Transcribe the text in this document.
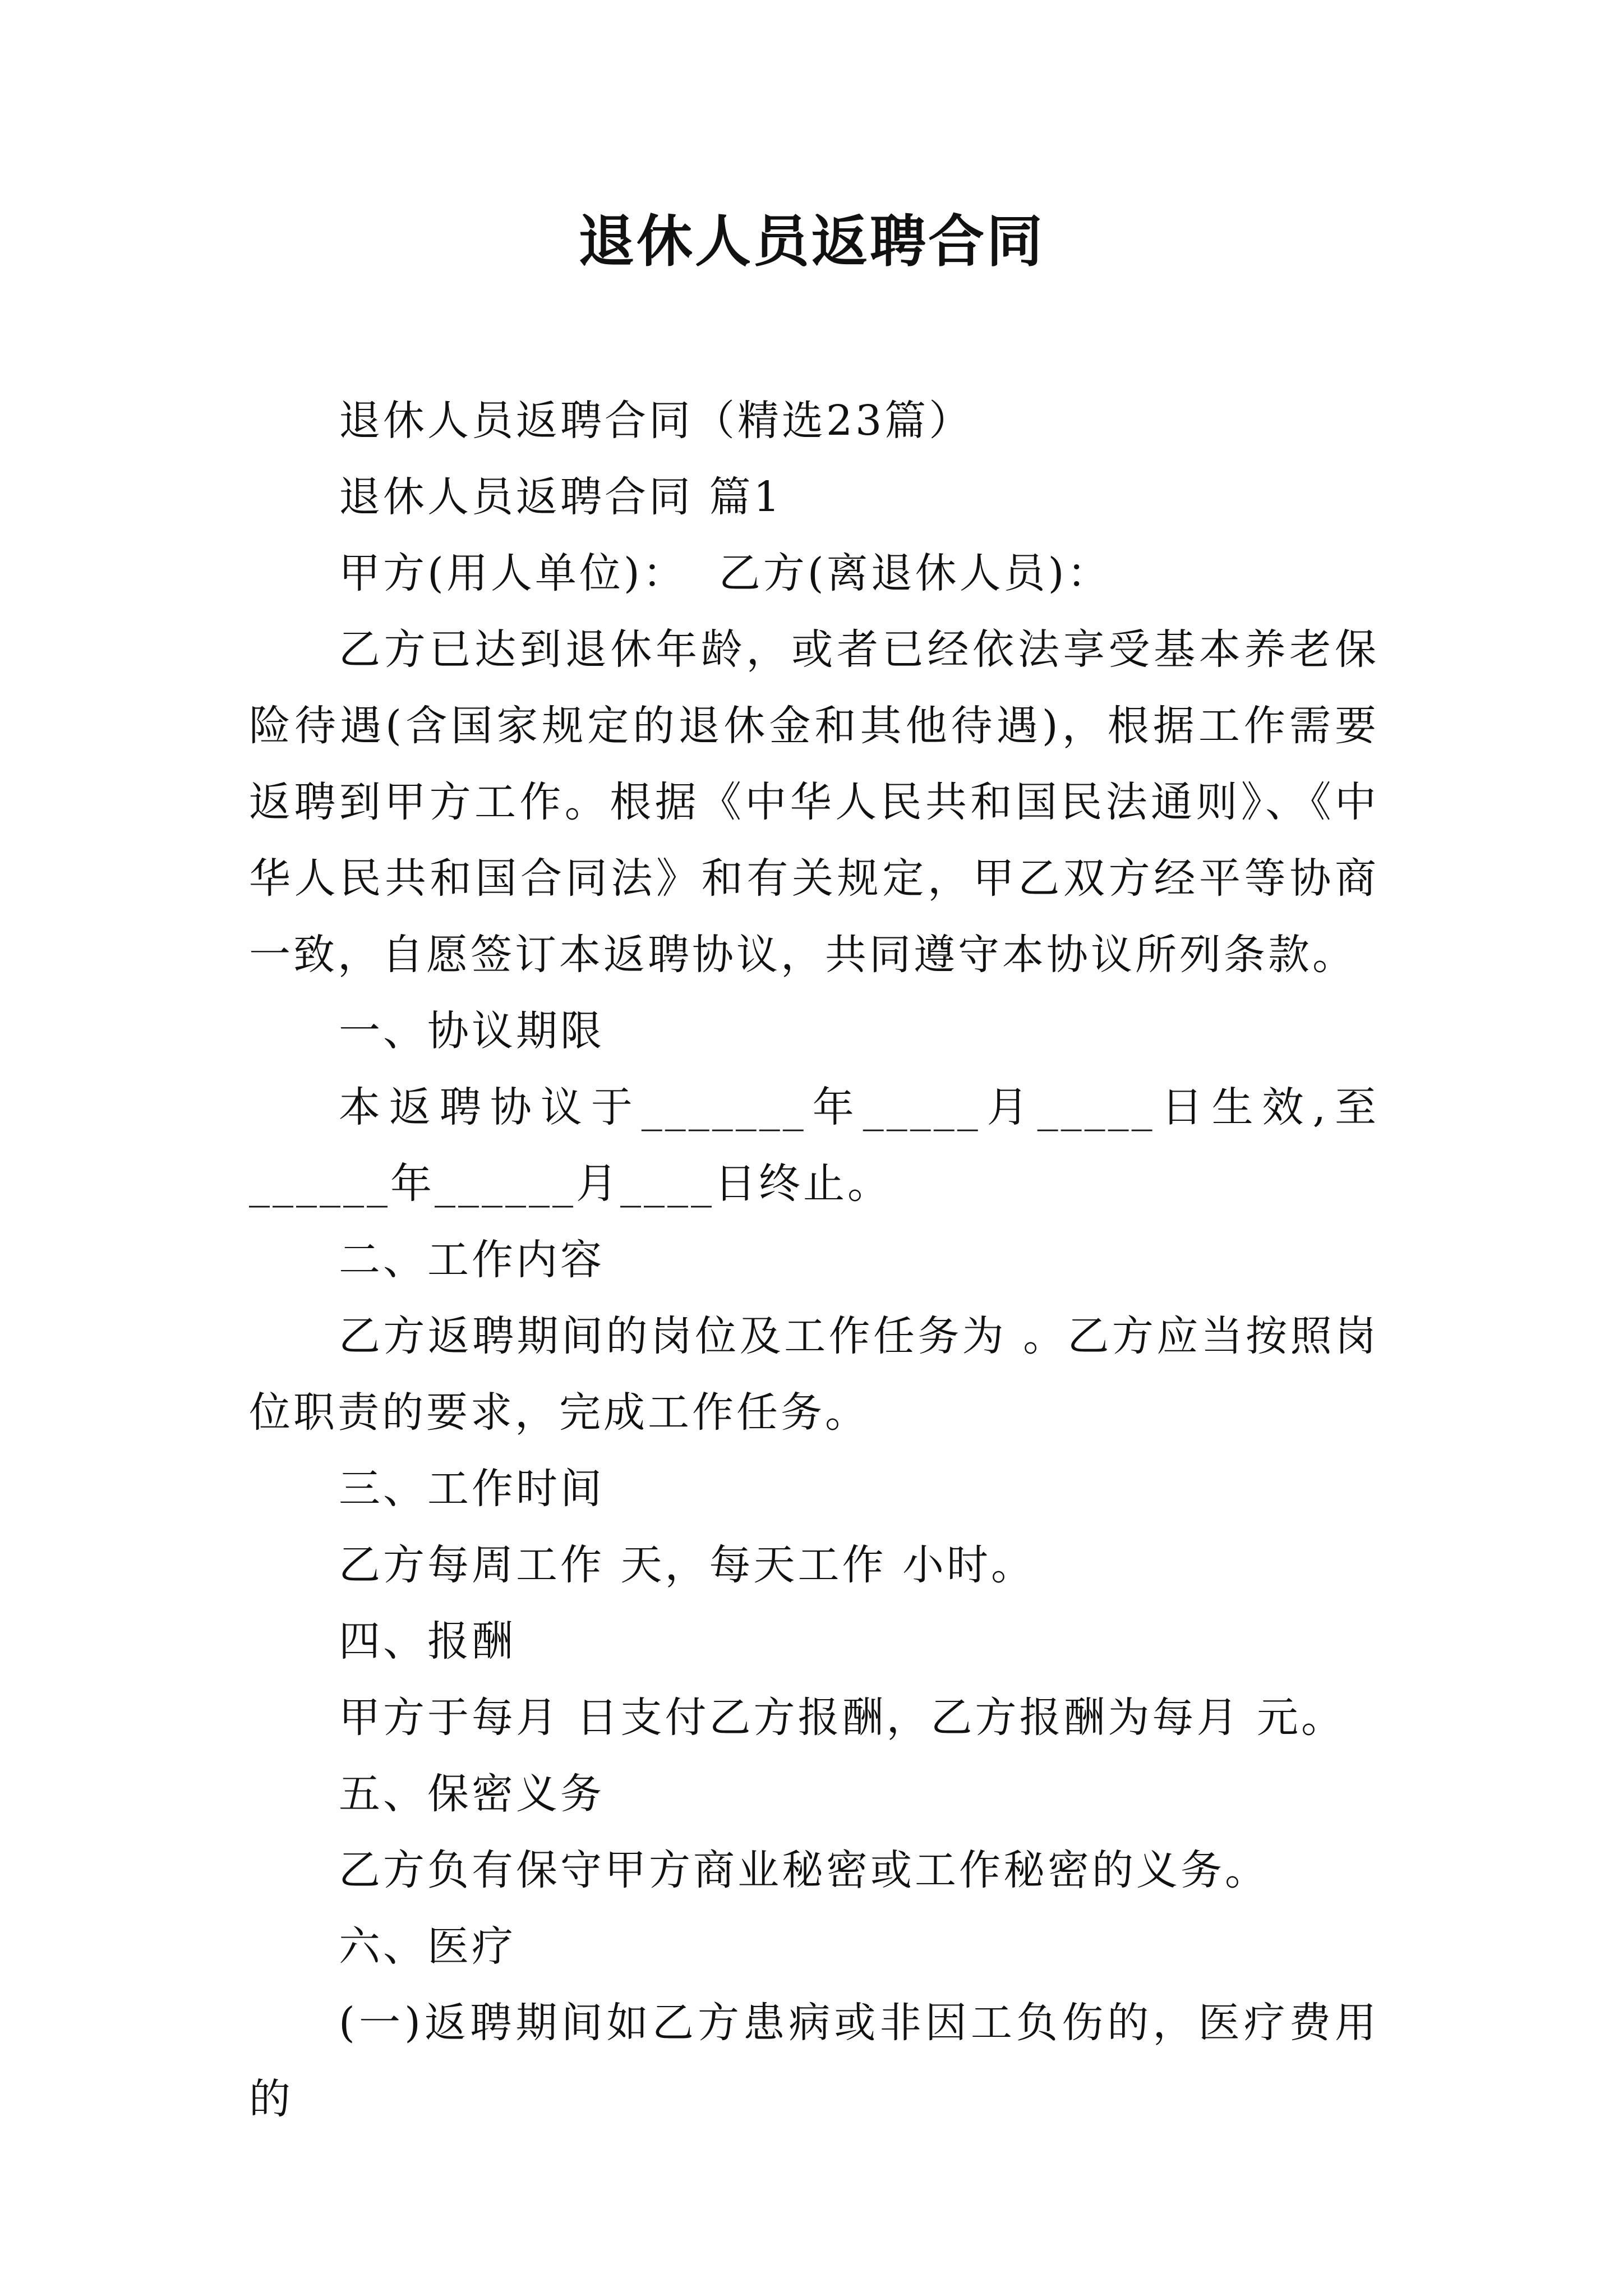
退休人员返聘合同

退休人员返聘合同（精选23篇）

退休人员返聘合同 篇1

甲方(用人单位)：  乙方(离退休人员)：

乙方已达到退休年龄，或者已经依法享受基本养老保险待遇(含国家规定的退休金和其他待遇)，根据工作需要返聘到甲方工作。根据《中华人民共和国民法通则》、《中华人民共和国合同法》和有关规定，甲乙双方经平等协商一致，自愿签订本返聘协议，共同遵守本协议所列条款。

一、协议期限

本返聘协议于_______年_____月_____日生效,至______年______月____日终止。

二、工作内容

乙方返聘期间的岗位及工作任务为 。乙方应当按照岗位职责的要求，完成工作任务。

三、工作时间

乙方每周工作 天，每天工作 小时。

四、报酬

甲方于每月 日支付乙方报酬，乙方报酬为每月 元。

五、保密义务

乙方负有保守甲方商业秘密或工作秘密的义务。

六、医疗

(一)返聘期间如乙方患病或非因工负伤的，医疗费用的
